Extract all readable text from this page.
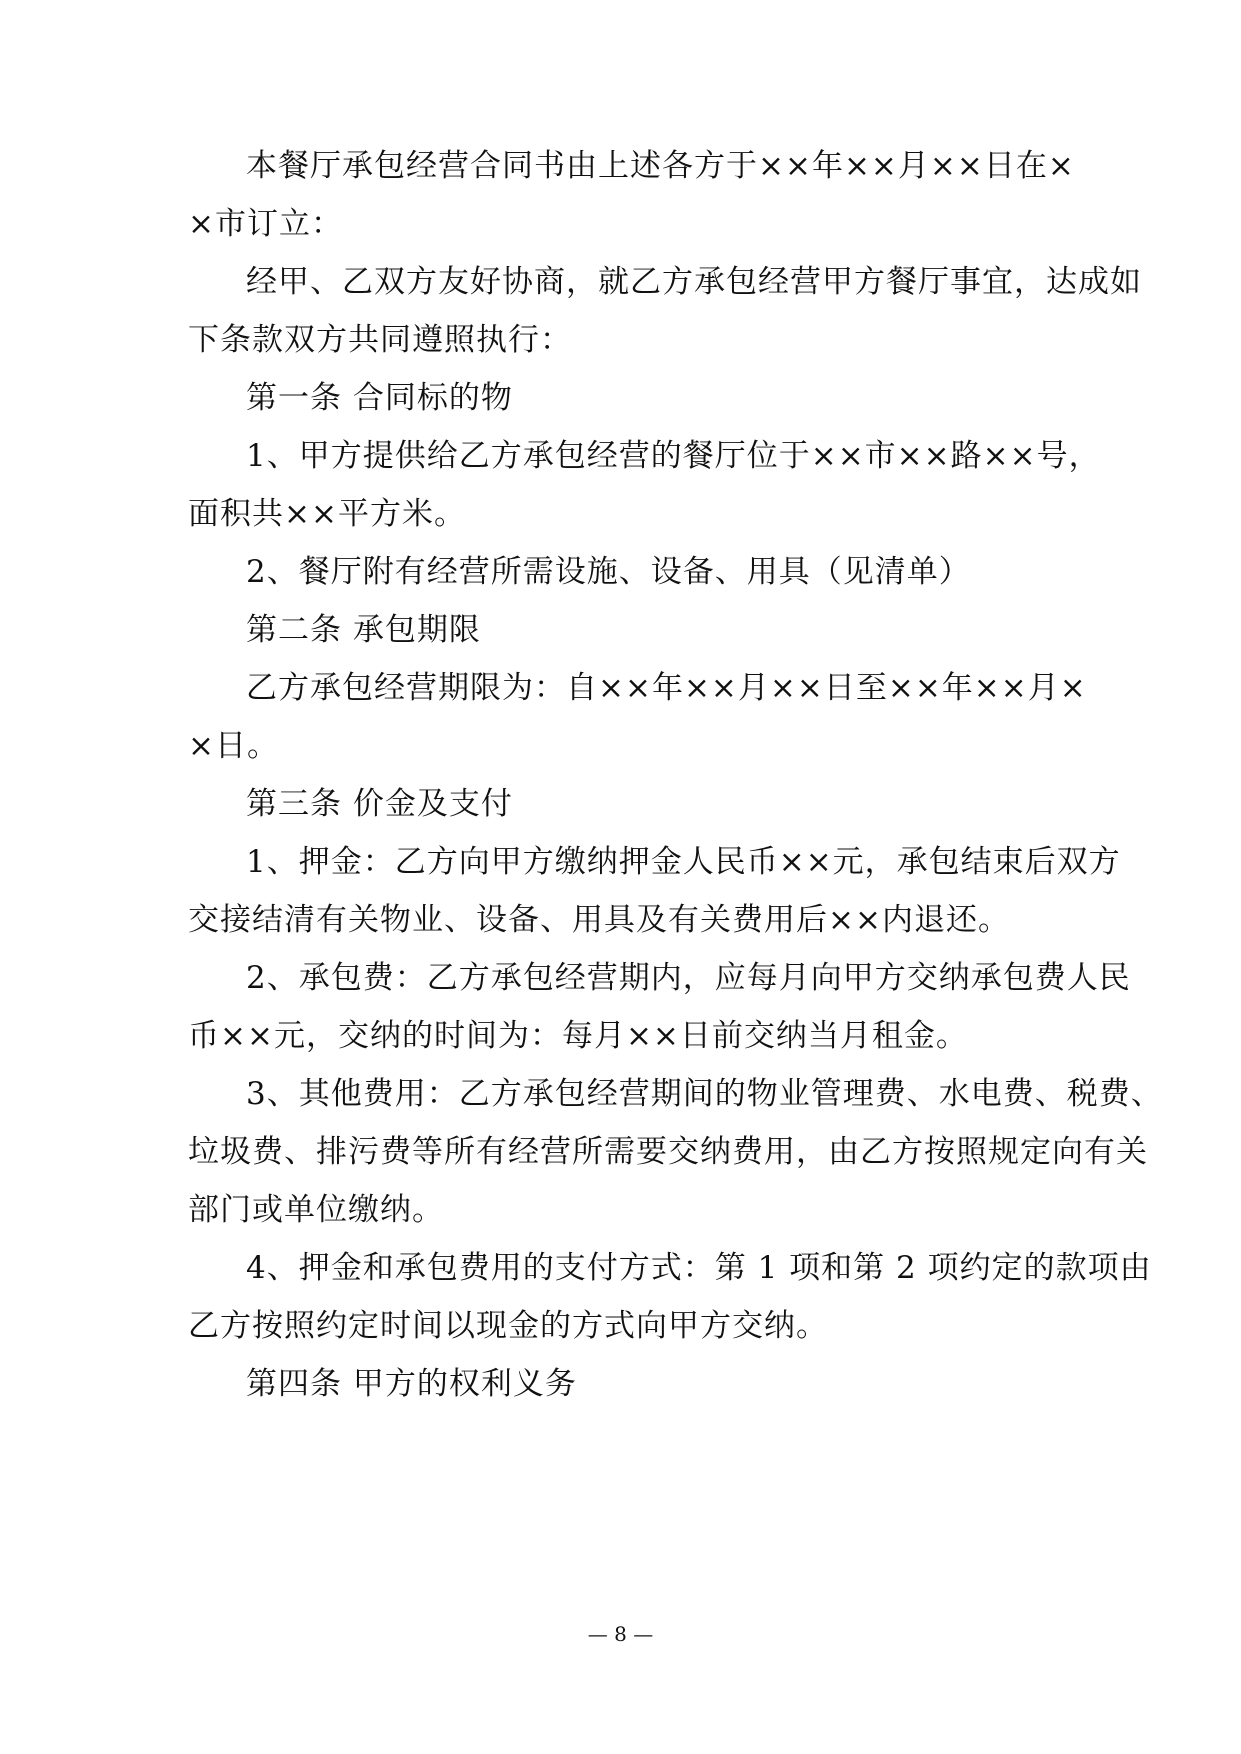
本餐厅承包经营合同书由上述各方于××年××月××日在×
×市订立：
经甲、乙双方友好协商，就乙方承包经营甲方餐厅事宜，达成如
下条款双方共同遵照执行：
第一条 合同标的物
1、甲方提供给乙方承包经营的餐厅位于××市××路××号，
面积共××平方米。
2、餐厅附有经营所需设施、设备、用具（见清单）
第二条 承包期限
乙方承包经营期限为：自××年××月××日至××年××月×
×日。
第三条 价金及支付
1、押金：乙方向甲方缴纳押金人民币××元，承包结束后双方
交接结清有关物业、设备、用具及有关费用后××内退还。
2、承包费：乙方承包经营期内，应每月向甲方交纳承包费人民
币××元，交纳的时间为：每月××日前交纳当月租金。
3、其他费用：乙方承包经营期间的物业管理费、水电费、税费、
垃圾费、排污费等所有经营所需要交纳费用，由乙方按照规定向有关
部门或单位缴纳。
4、押金和承包费用的支付方式：第 1 项和第 2 项约定的款项由
乙方按照约定时间以现金的方式向甲方交纳。
第四条 甲方的权利义务
— 8 —
